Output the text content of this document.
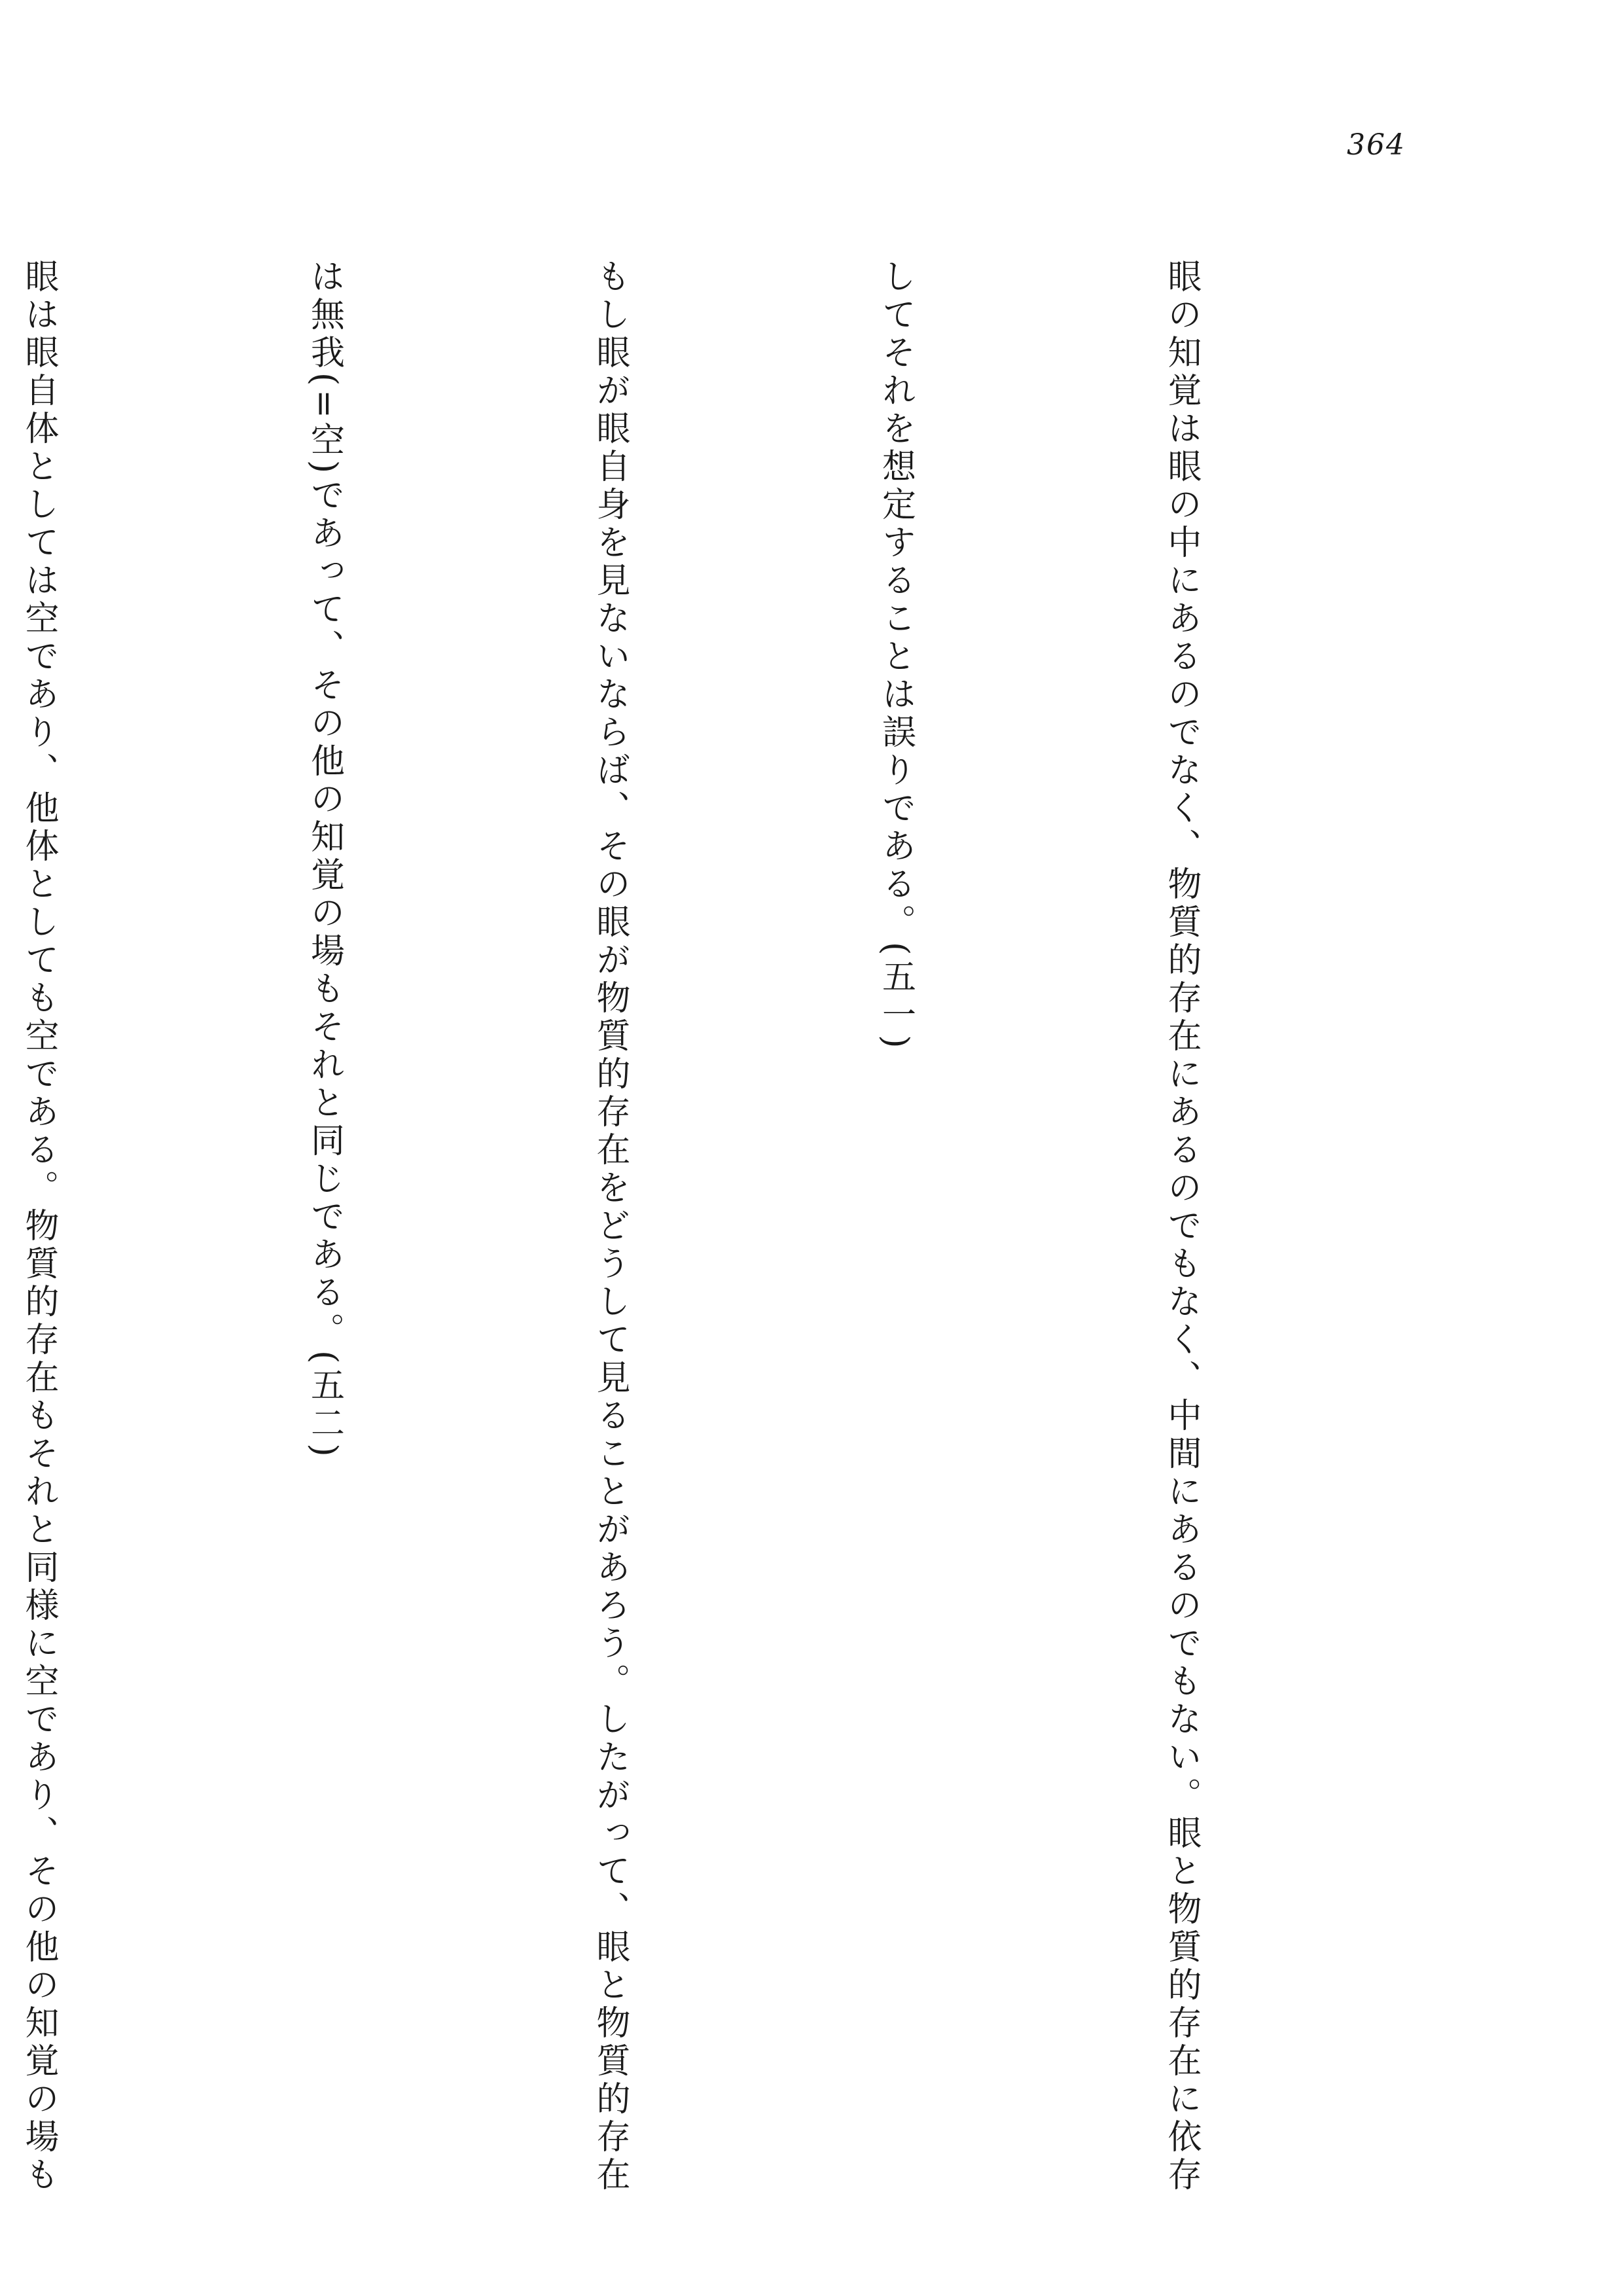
364

眼の知覚は眼の中にあるのでなく、物質的存在にあるのでもなく、中間にあるのでもない。眼と物質的存在に依存

してそれを想定することは誤りである。(五一)

もし眼が眼自身を見ないならば、その眼が物質的存在をどうして見ることがあろう。したがって、眼と物質的存在

は無我(=空)であって、その他の知覚の場もそれと同じである。(五二)

眼は眼自体としては空であり、他体としても空である。物質的存在もそれと同様に空であり、その他の知覚の場も
